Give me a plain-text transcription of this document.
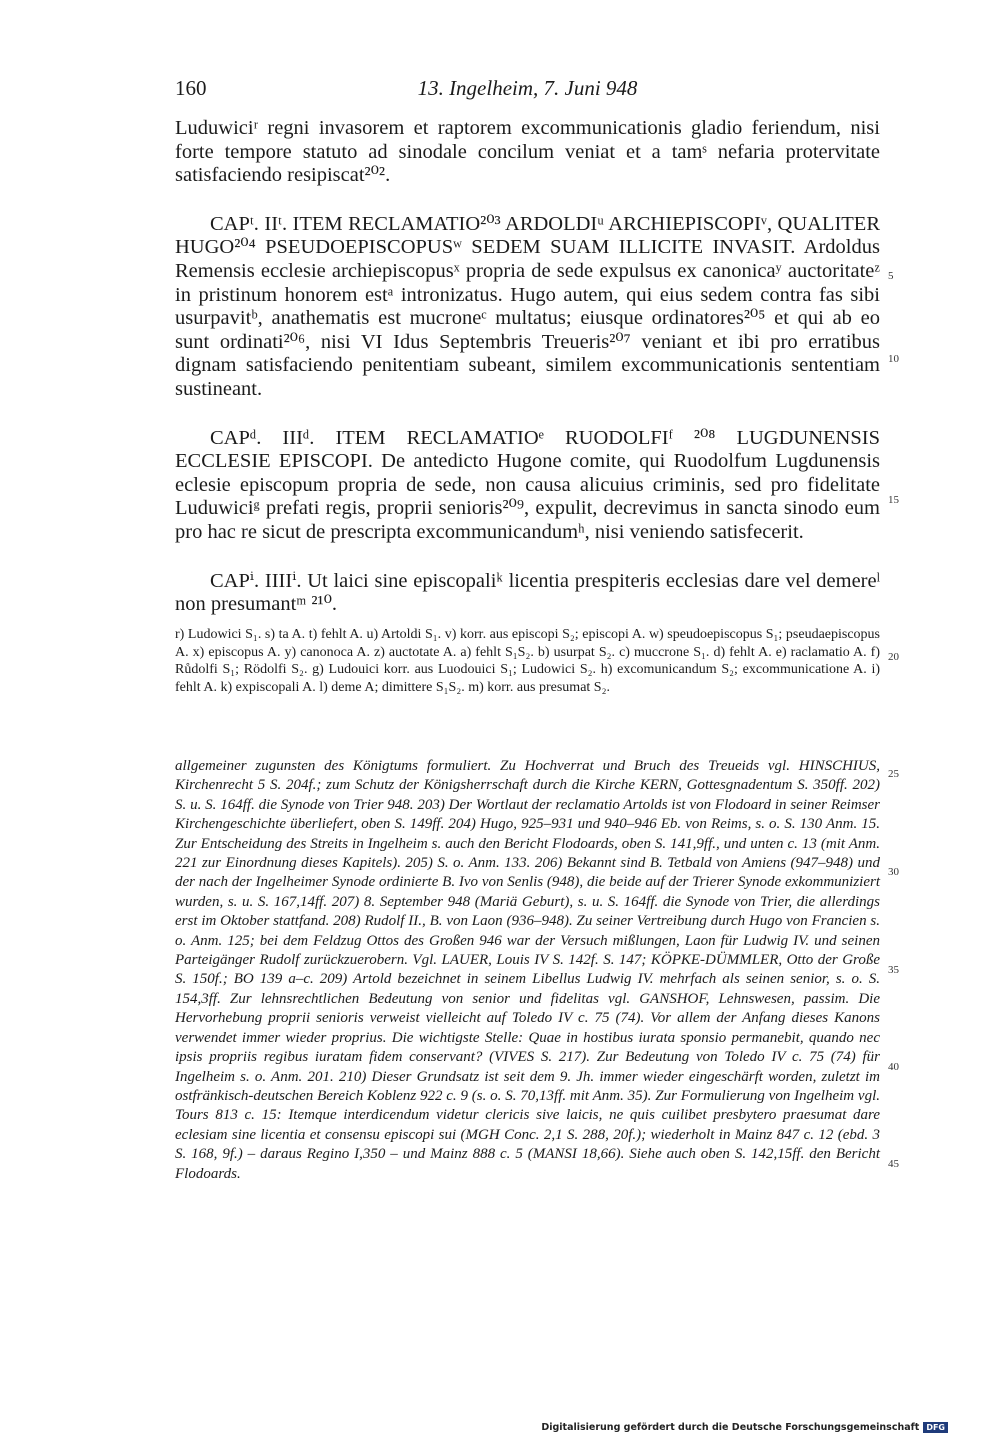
160	13. Ingelheim, 7. Juni 948

Luduwiciʳ regni invasorem et raptorem excommunicationis gladio feriendum, nisi forte tempore statuto ad sinodale concilum veniat et a tamˢ nefaria protervitate satisfaciendo resipiscat²⁰².

CAPᵗ. IIᵗ. ITEM RECLAMATIO²⁰³ ARDOLDIᵘ ARCHIEPISCOPIᵛ, QUALITER HUGO²⁰⁴ PSEUDOEPISCOPUSʷ SEDEM SUAM ILLICITE INVASIT. Ardoldus Remensis ecclesie archiepiscopusˣ propria de sede expulsus ex canonicaʸ auctoritateᶻ in pristinum honorem estᵃ intronizatus. Hugo autem, qui eius sedem contra fas sibi usurpavitᵇ, anathematis est mucroneᶜ multatus; eiusque ordinatores²⁰⁵ et qui ab eo sunt ordinati²⁰⁶, nisi VI Idus Septembris Treueris²⁰⁷ veniant et ibi pro erratibus dignam satisfaciendo penitentiam subeant, similem excommunicationis sententiam sustineant.

CAPᵈ. IIIᵈ. ITEM RECLAMATIOᵉ RUODOLFIᶠ ²⁰⁸ LUGDUNENSIS ECCLESIE EPISCOPI. De antedicto Hugone comite, qui Ruodolfum Lugdunensis eclesie episcopum propria de sede, non causa alicuius criminis, sed pro fidelitate Luduwiciᵍ prefati regis, proprii senioris²⁰⁹, expulit, decrevimus in sancta sinodo eum pro hac re sicut de prescripta excommunicandumʰ, nisi veniendo satisfecerit.

CAPⁱ. IIIIⁱ. Ut laici sine episcopaliᵏ licentia prespiteris ecclesias dare vel demereˡ non presumantᵐ ²¹⁰.

r) Ludowici S₁. s) ta A. t) fehlt A. u) Artoldi S₁. v) korr. aus episcopi S₂; episcopi A. w) speudoepiscopus S₁; pseudaepiscopus A. x) episcopus A. y) canonoca A. z) auctotate A. a) fehlt S₁S₂. b) usurpat S₂. c) muccrone S₁. d) fehlt A. e) raclamatio A. f) Růdolfi S₁; Rödolfi S₂. g) Ludouici korr. aus Luodouici S₁; Ludowici S₂. h) excomunicandum S₂; excommunicatione A. i) fehlt A. k) expiscopali A. l) deme A; dimittere S₁S₂. m) korr. aus presumat S₂.

allgemeiner zugunsten des Königtums formuliert. Zu Hochverrat und Bruch des Treueids vgl. HINSCHIUS, Kirchenrecht 5 S. 204f.; zum Schutz der Königsherrschaft durch die Kirche KERN, Gottesgnadentum S. 350ff. 202) S. u. S. 164ff. die Synode von Trier 948. 203) Der Wortlaut der reclamatio Artolds ist von Flodoard in seiner Reimser Kirchengeschichte überliefert, oben S. 149ff. 204) Hugo, 925–931 und 940–946 Eb. von Reims, s. o. S. 130 Anm. 15. Zur Entscheidung des Streits in Ingelheim s. auch den Bericht Flodoards, oben S. 141,9ff., und unten c. 13 (mit Anm. 221 zur Einordnung dieses Kapitels). 205) S. o. Anm. 133. 206) Bekannt sind B. Tetbald von Amiens (947–948) und der nach der Ingelheimer Synode ordinierte B. Ivo von Senlis (948), die beide auf der Trierer Synode exkommuniziert wurden, s. u. S. 167,14ff. 207) 8. September 948 (Mariä Geburt), s. u. S. 164ff. die Synode von Trier, die allerdings erst im Oktober stattfand. 208) Rudolf II., B. von Laon (936–948). Zu seiner Vertreibung durch Hugo von Francien s. o. Anm. 125; bei dem Feldzug Ottos des Großen 946 war der Versuch mißlungen, Laon für Ludwig IV. und seinen Parteigänger Rudolf zurückzuerobern. Vgl. LAUER, Louis IV S. 142f. S. 147; KÖPKE-DÜMMLER, Otto der Große S. 150f.; BO 139 a–c. 209) Artold bezeichnet in seinem Libellus Ludwig IV. mehrfach als seinen senior, s. o. S. 154,3ff. Zur lehnsrechtlichen Bedeutung von senior und fidelitas vgl. GANSHOF, Lehnswesen, passim. Die Hervorhebung proprii senioris verweist vielleicht auf Toledo IV c. 75 (74). Vor allem der Anfang dieses Kanons verwendet immer wieder proprius. Die wichtigste Stelle: Quae in hostibus iurata sponsio permanebit, quando nec ipsis propriis regibus iuratam fidem conservant? (VIVES S. 217). Zur Bedeutung von Toledo IV c. 75 (74) für Ingelheim s. o. Anm. 201. 210) Dieser Grundsatz ist seit dem 9. Jh. immer wieder eingeschärft worden, zuletzt im ostfränkisch-deutschen Bereich Koblenz 922 c. 9 (s. o. S. 70,13ff. mit Anm. 35). Zur Formulierung von Ingelheim vgl. Tours 813 c. 15: Itemque interdicendum videtur clericis sive laicis, ne quis cuilibet presbytero praesumat dare eclesiam sine licentia et consensu episcopi sui (MGH Conc. 2,1 S. 288, 20f.); wiederholt in Mainz 847 c. 12 (ebd. 3 S. 168, 9f.) – daraus Regino I,350 – und Mainz 888 c. 5 (MANSI 18,66). Siehe auch oben S. 142,15ff. den Bericht Flodoards.

5
10
15
20
25
30
35
40
45
Digitalisierung gefördert durch die Deutsche Forschungsgemeinschaft DFG
